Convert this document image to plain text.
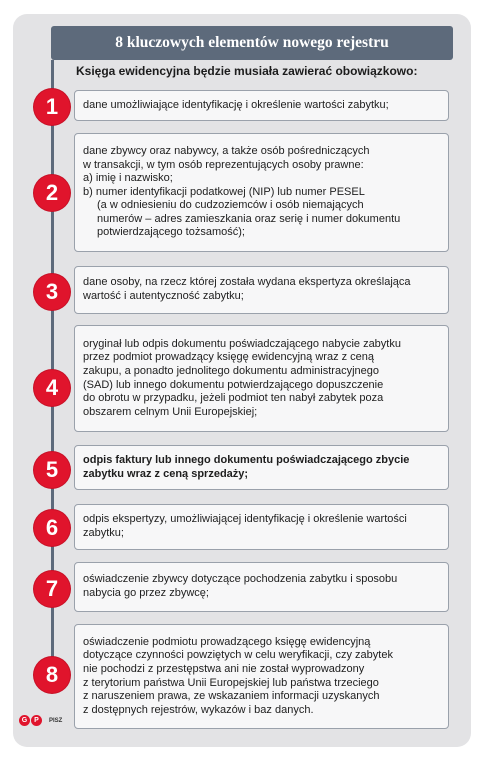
8 kluczowych elementów nowego rejestru
Księga ewidencyjna będzie musiała zawierać obowiązkowo:
1	dane umożliwiające identyfikację i określenie wartości zabytku;
2
dane zbywcy oraz nabywcy, a także osób pośredniczących
w transakcji, w tym osób reprezentujących osoby prawne:
a) imię i nazwisko;
b) numer identyfikacji podatkowej (NIP) lub numer PESEL
(a w odniesieniu do cudzoziemców i osób niemających
numerów – adres zamieszkania oraz serię i numer dokumentu
potwierdzającego tożsamość);
3	dane osoby, na rzecz której została wydana ekspertyza określająca
wartość i autentyczność zabytku;
4
oryginał lub odpis dokumentu poświadczającego nabycie zabytku
przez podmiot prowadzący księgę ewidencyjną wraz z ceną
zakupu, a ponadto jednolitego dokumentu administracyjnego
(SAD) lub innego dokumentu potwierdzającego dopuszczenie
do obrotu w przypadku, jeżeli podmiot ten nabył zabytek poza
obszarem celnym Unii Europejskiej;
5	odpis faktury lub innego dokumentu poświadczającego zbycie
zabytku wraz z ceną sprzedaży;
6	odpis ekspertyzy, umożliwiającej identyfikację i określenie wartości
zabytku;
7	oświadczenie zbywcy dotyczące pochodzenia zabytku i sposobu
nabycia go przez zbywcę;
8
oświadczenie podmiotu prowadzącego księgę ewidencyjną
dotyczące czynności powziętych w celu weryfikacji, czy zabytek
nie pochodzi z przestępstwa ani nie został wyprowadzony
z terytorium państwa Unii Europejskiej lub państwa trzeciego
z naruszeniem prawa, ze wskazaniem informacji uzyskanych
z dostępnych rejestrów, wykazów i baz danych.
G P	PISZ
